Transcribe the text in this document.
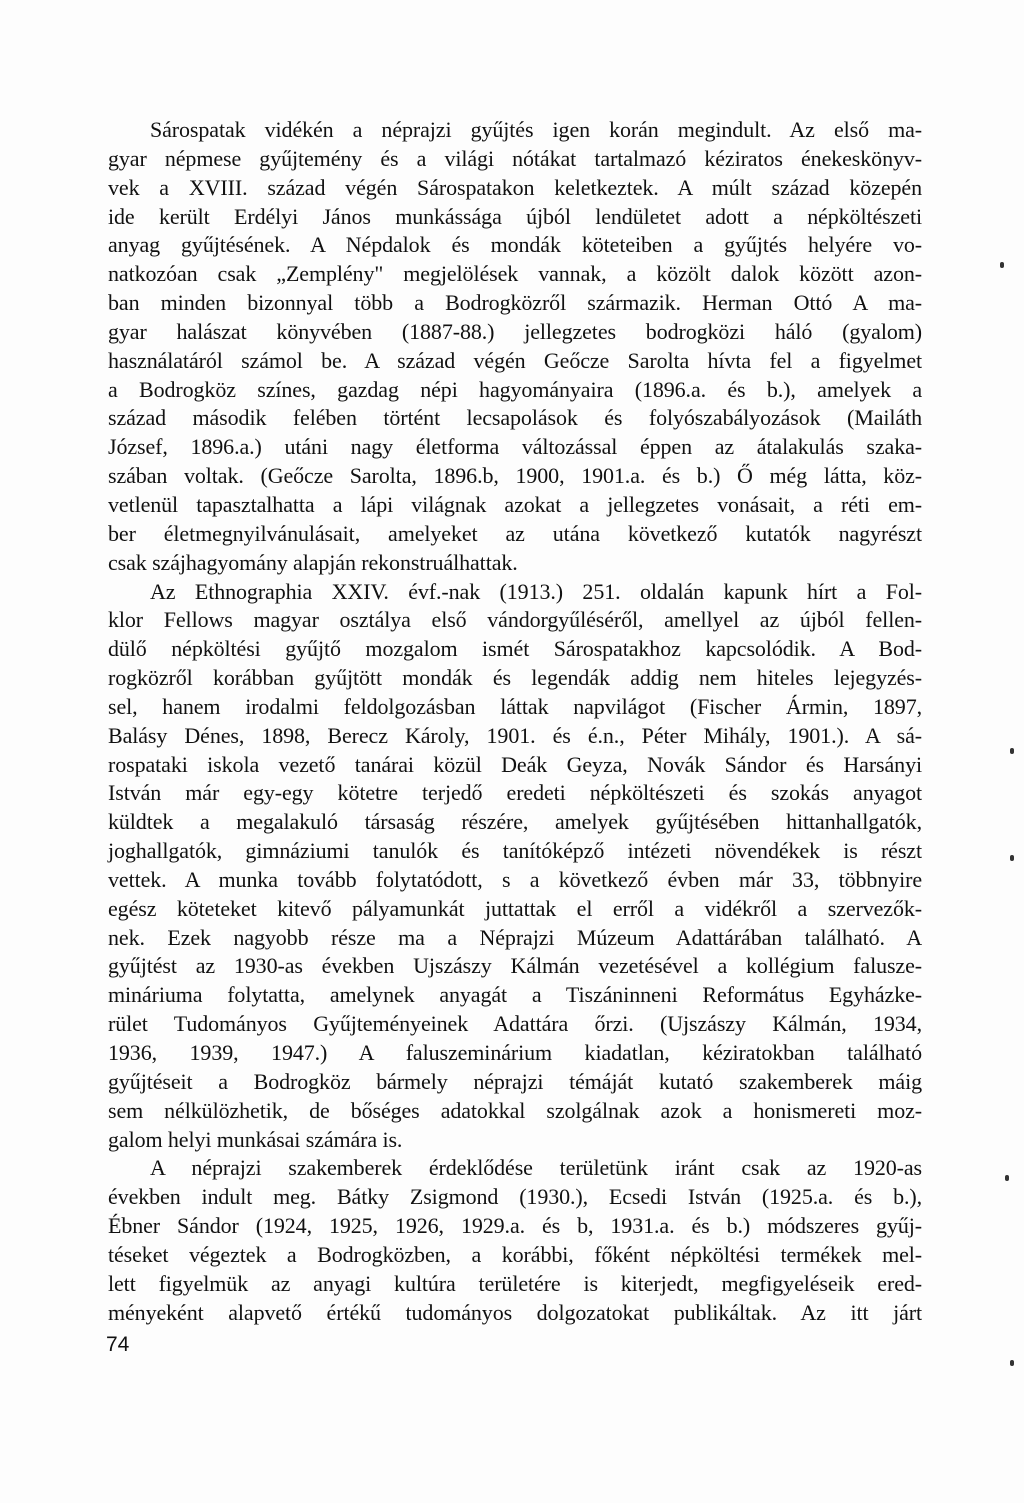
Sárospatak vidékén a néprajzi gyűjtés igen korán megindult. Az első ma-
gyar népmese gyűjtemény és a világi nótákat tartalmazó kéziratos énekeskönyv-
vek a XVIII. század végén Sárospatakon keletkeztek. A múlt század közepén
ide került Erdélyi János munkássága újból lendületet adott a népköltészeti
anyag gyűjtésének. A Népdalok és mondák köteteiben a gyűjtés helyére vo-
natkozóan csak „Zemplény" megjelölések vannak, a közölt dalok között azon-
ban minden bizonnyal több a Bodrogközről származik. Herman Ottó A ma-
gyar halászat könyvében (1887-88.) jellegzetes bodrogközi háló (gyalom)
használatáról számol be. A század végén Geőcze Sarolta hívta fel a figyelmet
a Bodrogköz színes, gazdag népi hagyományaira (1896.a. és b.), amelyek a
század második felében történt lecsapolások és folyószabályozások (Mailáth
József, 1896.a.) utáni nagy életforma változással éppen az átalakulás szaka-
szában voltak. (Geőcze Sarolta, 1896.b, 1900, 1901.a. és b.) Ő még látta, köz-
vetlenül tapasztalhatta a lápi világnak azokat a jellegzetes vonásait, a réti em-
ber életmegnyilvánulásait, amelyeket az utána következő kutatók nagyrészt
csak szájhagyomány alapján rekonstruálhattak.
Az Ethnographia XXIV. évf.-nak (1913.) 251. oldalán kapunk hírt a Fol-
klor Fellows magyar osztálya első vándorgyűléséről, amellyel az újból fellen-
dülő népköltési gyűjtő mozgalom ismét Sárospatakhoz kapcsolódik. A Bod-
rogközről korábban gyűjtött mondák és legendák addig nem hiteles lejegyzés-
sel, hanem irodalmi feldolgozásban láttak napvilágot (Fischer Ármin, 1897,
Balásy Dénes, 1898, Berecz Károly, 1901. és é.n., Péter Mihály, 1901.). A sá-
rospataki iskola vezető tanárai közül Deák Geyza, Novák Sándor és Harsányi
István már egy-egy kötetre terjedő eredeti népköltészeti és szokás anyagot
küldtek a megalakuló társaság részére, amelyek gyűjtésében hittanhallgatók,
joghallgatók, gimnáziumi tanulók és tanítóképző intézeti növendékek is részt
vettek. A munka tovább folytatódott, s a következő évben már 33, többnyire
egész köteteket kitevő pályamunkát juttattak el erről a vidékről a szervezők-
nek. Ezek nagyobb része ma a Néprajzi Múzeum Adattárában található. A
gyűjtést az 1930-as években Ujszászy Kálmán vezetésével a kollégium faluszе-
mináriuma folytatta, amelynek anyagát a Tiszáninneni Református Egyházke-
rület Tudományos Gyűjteményeinek Adattára őrzi. (Ujszászy Kálmán, 1934,
1936, 1939, 1947.) A faluszeminárium kiadatlan, kéziratokban található
gyűjtéseit a Bodrogköz bármely néprajzi témáját kutató szakemberek máig
sem nélkülözhetik, de bőséges adatokkal szolgálnak azok a honismereti moz-
galom helyi munkásai számára is.
A néprajzi szakemberek érdeklődése területünk iránt csak az 1920-as
években indult meg. Bátky Zsigmond (1930.), Ecsedi István (1925.a. és b.),
Ébner Sándor (1924, 1925, 1926, 1929.a. és b, 1931.a. és b.) módszeres gyűj-
téseket végeztek a Bodrogközben, a korábbi, főként népköltési termékek mel-
lett figyelmük az anyagi kultúra területére is kiterjedt, megfigyeléseik ered-
ményeként alapvető értékű tudományos dolgozatokat publikáltak. Az itt járt
74
